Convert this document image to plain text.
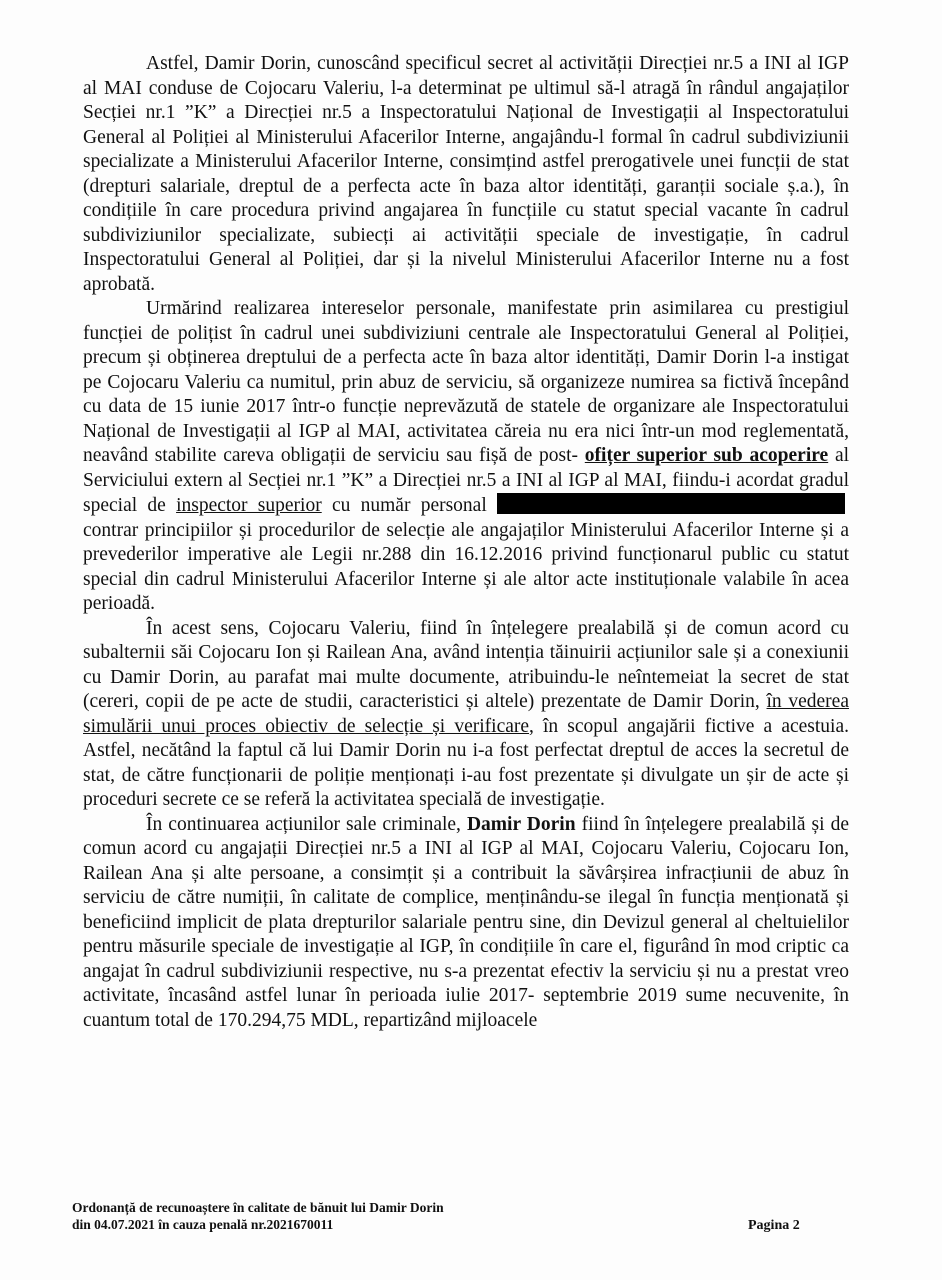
Astfel, Damir Dorin, cunoscând specificul secret al activității Direcției nr.5 a INI al IGP al MAI conduse de Cojocaru Valeriu, l-a determinat pe ultimul să-l atragă în rândul angajaților Secției nr.1 ”K” a Direcției nr.5 a Inspectoratului Național de Investigații al Inspectoratului General al Poliției al Ministerului Afacerilor Interne, angajându-l formal în cadrul subdiviziunii specializate a Ministerului Afacerilor Interne, consimțind astfel prerogativele unei funcții de stat (drepturi salariale, dreptul de a perfecta acte în baza altor identități, garanții sociale ș.a.), în condițiile în care procedura privind angajarea în funcțiile cu statut special vacante în cadrul subdiviziunilor specializate, subiecți ai activității speciale de investigație, în cadrul Inspectoratului General al Poliției, dar și la nivelul Ministerului Afacerilor Interne nu a fost aprobată.

Urmărind realizarea intereselor personale, manifestate prin asimilarea cu prestigiul funcției de polițist în cadrul unei subdiviziuni centrale ale Inspectoratului General al Poliției, precum și obținerea dreptului de a perfecta acte în baza altor identități, Damir Dorin l-a instigat pe Cojocaru Valeriu ca numitul, prin abuz de serviciu, să organizeze numirea sa fictivă începând cu data de 15 iunie 2017 într-o funcție neprevăzută de statele de organizare ale Inspectoratului Național de Investigații al IGP al MAI, activitatea căreia nu era nici într-un mod reglementată, neavând stabilite careva obligații de serviciu sau fișă de post- ofițer superior sub acoperire al Serviciului extern al Secției nr.1 ”K” a Direcției nr.5 a INI al IGP al MAI, fiindu-i acordat gradul special de inspector superior cu număr personal contrar principiilor și procedurilor de selecție ale angajaților Ministerului Afacerilor Interne și a prevederilor imperative ale Legii nr.288 din 16.12.2016 privind funcționarul public cu statut special din cadrul Ministerului Afacerilor Interne și ale altor acte instituționale valabile în acea perioadă.

În acest sens, Cojocaru Valeriu, fiind în înțelegere prealabilă și de comun acord cu subalternii săi Cojocaru Ion și Railean Ana, având intenția tăinuirii acțiunilor sale și a conexiunii cu Damir Dorin, au parafat mai multe documente, atribuindu-le neîntemeiat la secret de stat (cereri, copii de pe acte de studii, caracteristici și altele) prezentate de Damir Dorin, în vederea simulării unui proces obiectiv de selecție și verificare, în scopul angajării fictive a acestuia. Astfel, necătând la faptul că lui Damir Dorin nu i-a fost perfectat dreptul de acces la secretul de stat, de către funcționarii de poliție menționați i-au fost prezentate și divulgate un șir de acte și proceduri secrete ce se referă la activitatea specială de investigație.

În continuarea acțiunilor sale criminale, Damir Dorin fiind în înțelegere prealabilă și de comun acord cu angajații Direcției nr.5 a INI al IGP al MAI, Cojocaru Valeriu, Cojocaru Ion, Railean Ana și alte persoane, a consimțit și a contribuit la săvârșirea infracțiunii de abuz în serviciu de către numiții, în calitate de complice, menținându-se ilegal în funcția menționată și beneficiind implicit de plata drepturilor salariale pentru sine, din Devizul general al cheltuielilor pentru măsurile speciale de investigație al IGP, în condițiile în care el, figurând în mod criptic ca angajat în cadrul subdiviziunii respective, nu s-a prezentat efectiv la serviciu și nu a prestat vreo activitate, încasând astfel lunar în perioada iulie 2017- septembrie 2019 sume necuvenite, în cuantum total de 170.294,75 MDL, repartizând mijloacele

Ordonanță de recunoaștere în calitate de bănuit lui Damir Dorin
din 04.07.2021 în cauza penală nr.2021670011	Pagina 2
